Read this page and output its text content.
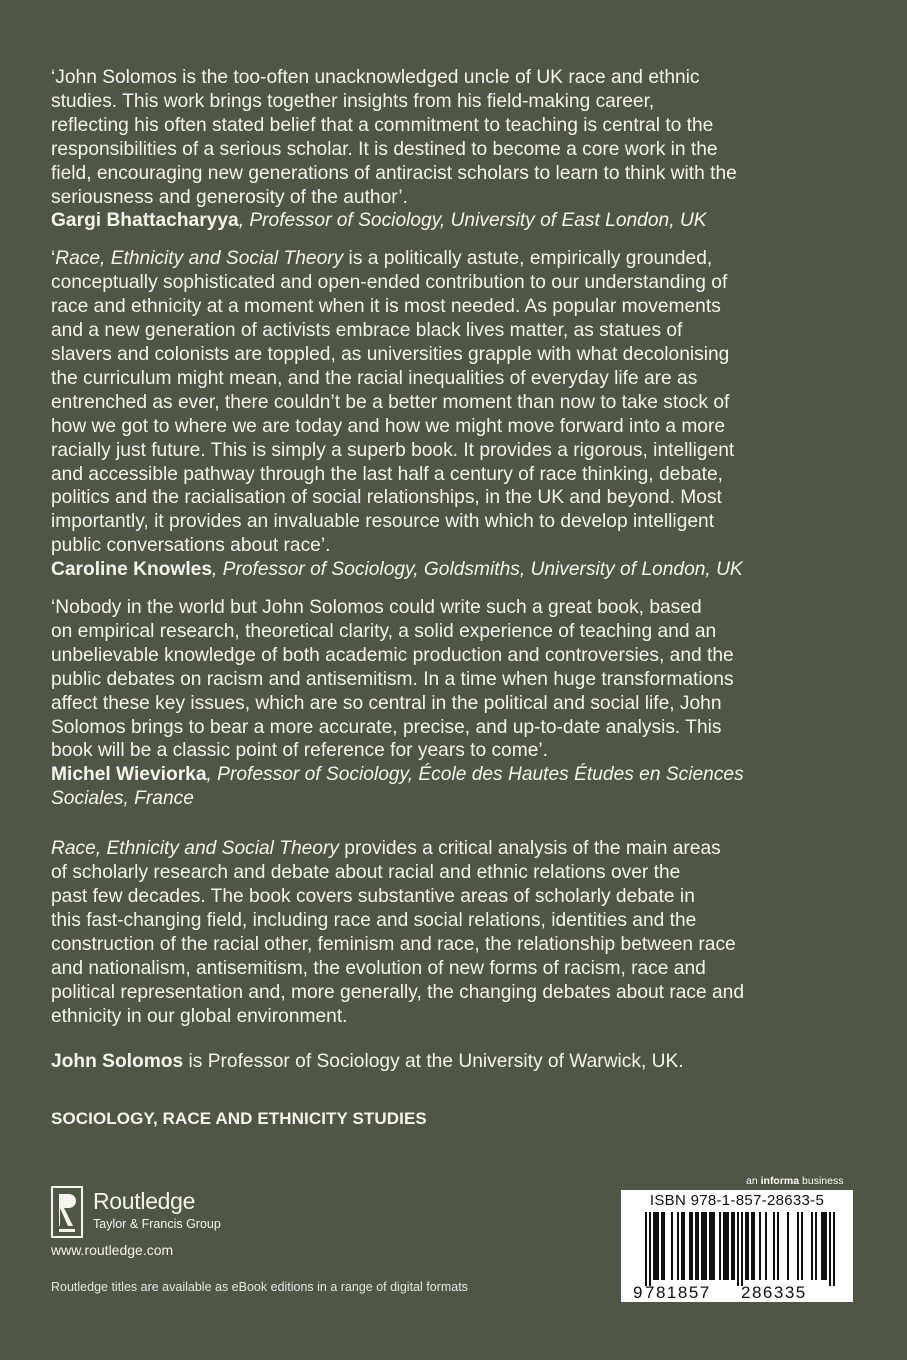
‘John Solomos is the too-often unacknowledged uncle of UK race and ethnic

studies. This work brings together insights from his field-making career,

reflecting his often stated belief that a commitment to teaching is central to the

responsibilities of a serious scholar. It is destined to become a core work in the

field, encouraging new generations of antiracist scholars to learn to think with the

seriousness and generosity of the author’.

Gargi Bhattacharyya, Professor of Sociology, University of East London, UK

‘Race, Ethnicity and Social Theory is a politically astute, empirically grounded,

conceptually sophisticated and open-ended contribution to our understanding of

race and ethnicity at a moment when it is most needed. As popular movements

and a new generation of activists embrace black lives matter, as statues of

slavers and colonists are toppled, as universities grapple with what decolonising

the curriculum might mean, and the racial inequalities of everyday life are as

entrenched as ever, there couldn’t be a better moment than now to take stock of

how we got to where we are today and how we might move forward into a more

racially just future. This is simply a superb book. It provides a rigorous, intelligent

and accessible pathway through the last half a century of race thinking, debate,

politics and the racialisation of social relationships, in the UK and beyond. Most

importantly, it provides an invaluable resource with which to develop intelligent

public conversations about race’.

Caroline Knowles, Professor of Sociology, Goldsmiths, University of London, UK

‘Nobody in the world but John Solomos could write such a great book, based

on empirical research, theoretical clarity, a solid experience of teaching and an

unbelievable knowledge of both academic production and controversies, and the

public debates on racism and antisemitism. In a time when huge transformations

affect these key issues, which are so central in the political and social life, John

Solomos brings to bear a more accurate, precise, and up-to-date analysis. This

book will be a classic point of reference for years to come’.

Michel Wieviorka, Professor of Sociology, École des Hautes Études en Sciences

Sociales, France

Race, Ethnicity and Social Theory provides a critical analysis of the main areas

of scholarly research and debate about racial and ethnic relations over the

past few decades. The book covers substantive areas of scholarly debate in

this fast-changing field, including race and social relations, identities and the

construction of the racial other, feminism and race, the relationship between race

and nationalism, antisemitism, the evolution of new forms of racism, race and

political representation and, more generally, the changing debates about race and

ethnicity in our global environment.

John Solomos is Professor of Sociology at the University of Warwick, UK.

SOCIOLOGY, RACE AND ETHNICITY STUDIES
Routledge
Taylor & Francis Group
www.routledge.com
Routledge titles are available as eBook editions in a range of digital formats
an informa business
ISBN 978-1-857-28633-5
9 781857 286335
